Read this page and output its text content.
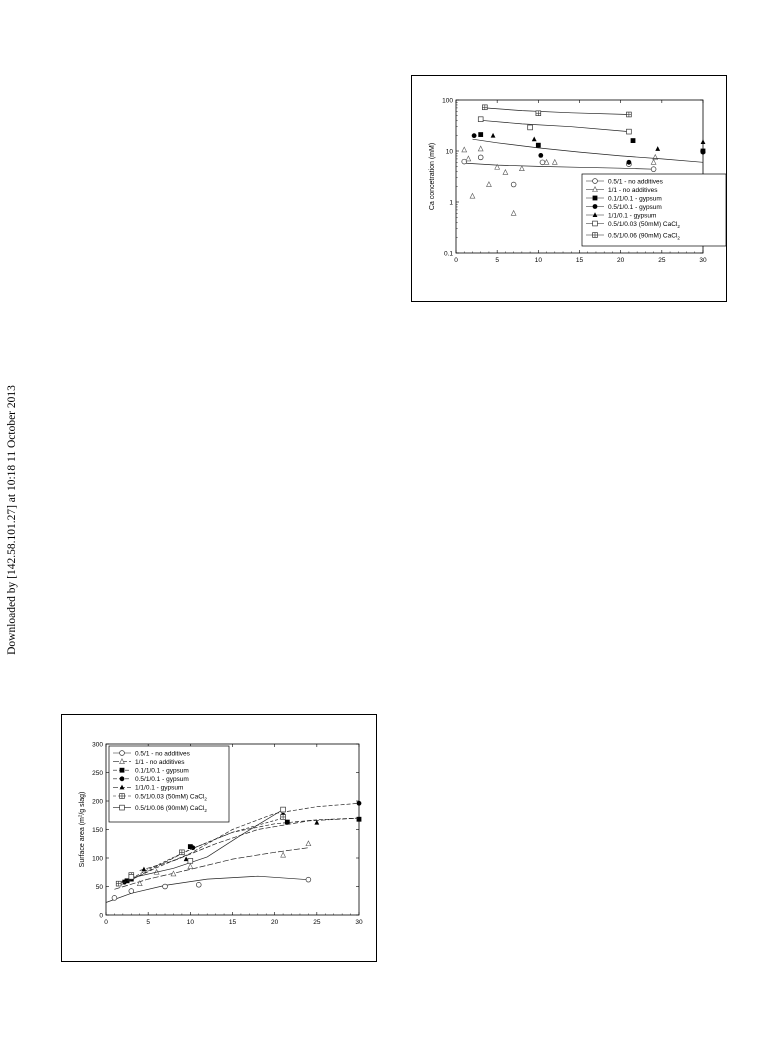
Downloaded by [142.58.101.27] at 10:18 11 October 2013
0	5	10	15	20	25	30
0.1
1
10
100
Ca concetration (mM)	0.5/1 - no additives
1/1 - no additives
0.1/1/0.1 - gypsum
0.5/1/0.1 - gypsum
1/1/0.1 - gypsum
0.5/1/0.03 (50mM) CaCl$_2$
0.5/1/0.06 (90mM) CaCl$_2$
0	5	10	15	20	25	30
0
50
100
150
200
250
300
Surface area ($m^2/g$ slag)
0.5/1 - no additives
1/1 - no additives
0.1/1/0.1 - gypsum
0.5/1/0.1 - gypsum
1/1/0.1 - gypsum
0.5/1/0.03 (50mM) CaCl$_2$
0.5/1/0.06 (90mM) CaCl$_2$
